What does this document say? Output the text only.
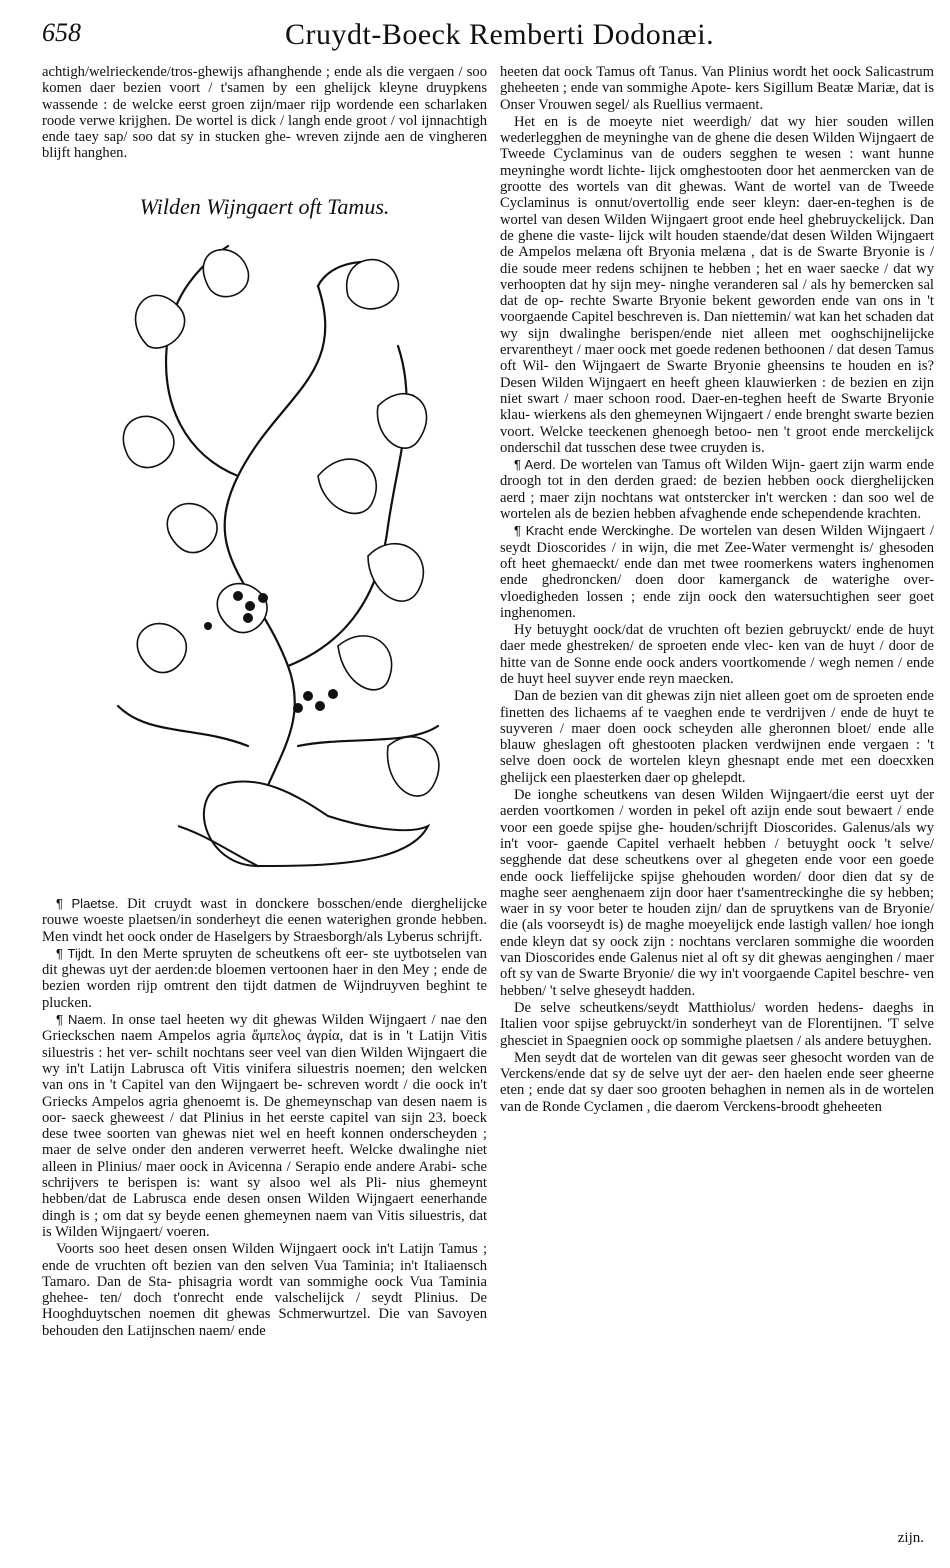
658	Cruydt-Boeck Remberti Dodonæi.

achtigh/welrieckende/tros-ghewijs afhanghende ; ende als die vergaen / soo komen daer bezien voort / t'samen by een ghelijck kleyne druypkens wassende : de welcke eerst groen zijn/maer rijp wordende een scharlaken roode verwe krijghen. De wortel is dick / langh ende groot / vol ijnnachtigh ende taey sap/ soo dat sy in stucken ghe- wreven zijnde aen de vingheren blijft hanghen.

Wilden Wijngaert oft Tamus.

¶ Plaetse. Dit cruydt wast in donckere bosschen/ende dierghelijcke rouwe woeste plaetsen/in sonderheyt die eenen waterighen gronde hebben. Men vindt het oock onder de Haselgers by Straesborgh/als Lyberus schrijft.

¶ Tijdt. In den Merte spruyten de scheutkens oft eer- ste uytbotselen van dit ghewas uyt der aerden:de bloemen vertoonen haer in den Mey ; ende de bezien worden rijp omtrent den tijdt datmen de Wijndruyven beghint te plucken.

¶ Naem. In onse tael heeten wy dit ghewas Wilden Wijngaert / nae den Grieckschen naem Ampelos agria ἄμπελος ἀγρία, dat is in 't Latijn Vitis siluestris : het ver- schilt nochtans seer veel van dien Wilden Wijngaert die wy in't Latijn Labrusca oft Vitis vinifera siluestris noemen; den welcken van ons in 't Capitel van den Wijngaert be- schreven wordt / die oock in't Griecks Ampelos agria ghenoemt is. De ghemeynschap van desen naem is oor- saeck gheweest / dat Plinius in het eerste capitel van sijn 23. boeck dese twee soorten van ghewas niet wel en heeft konnen onderscheyden ; maer de selve onder den anderen verwerret heeft. Welcke dwalinghe niet alleen in Plinius/ maer oock in Avicenna / Serapio ende andere Arabi- sche schrijvers te berispen is: want sy alsoo wel als Pli- nius ghemeynt hebben/dat de Labrusca ende desen onsen Wilden Wijngaert eenerhande dingh is ; om dat sy beyde eenen ghemeynen naem van Vitis siluestris, dat is Wilden Wijngaert/ voeren.

Voorts soo heet desen onsen Wilden Wijngaert oock in't Latijn Tamus ; ende de vruchten oft bezien van den selven Vua Taminia; in't Italiaensch Tamaro. Dan de Sta- phisagria wordt van sommighe oock Vua Taminia ghehee- ten/ doch t'onrecht ende valschelijck / seydt Plinius. De Hooghduytschen noemen dit ghewas Schmerwurtzel. Die van Savoyen behouden den Latijnschen naem/ ende

heeten dat oock Tamus oft Tanus. Van Plinius wordt het oock Salicastrum gheheeten ; ende van sommighe Apote- kers Sigillum Beatæ Mariæ, dat is Onser Vrouwen segel/ als Ruellius vermaent.

Het en is de moeyte niet weerdigh/ dat wy hier souden willen wederlegghen de meyninghe van de ghene die desen Wilden Wijngaert de Tweede Cyclaminus van de ouders segghen te wesen : want hunne meyninghe wordt lichte- lijck omghestooten door het aenmercken van de grootte des wortels van dit ghewas. Want de wortel van de Tweede Cyclaminus is onnut/overtollig ende seer kleyn: daer-en-teghen is de wortel van desen Wilden Wijngaert groot ende heel ghebruyckelijck. Dan de ghene die vaste- lijck wilt houden staende/dat desen Wilden Wijngaert de Ampelos melæna oft Bryonia melæna , dat is de Swarte Bryonie is / die soude meer redens schijnen te hebben ; het en waer saecke / dat wy verhoopten dat hy sijn mey- ninghe veranderen sal / als hy bemercken sal dat de op- rechte Swarte Bryonie bekent geworden ende van ons in 't voorgaende Capitel beschreven is. Dan niettemin/ wat kan het schaden dat wy sijn dwalinghe berispen/ende niet alleen met ooghschijnelijcke ervarentheyt / maer oock met goede redenen bethoonen / dat desen Tamus oft Wil- den Wijngaert de Swarte Bryonie gheensins te houden en is? Desen Wilden Wijngaert en heeft gheen klauwierken : de bezien en zijn niet swart / maer schoon rood. Daer-en-teghen heeft de Swarte Bryonie klau- wierkens als den ghemeynen Wijngaert / ende brenght swarte bezien voort. Welcke teeckenen ghenoegh betoo- nen 't groot ende merckelijck onderschil dat tusschen dese twee cruyden is.

¶ Aerd. De wortelen van Tamus oft Wilden Wijn- gaert zijn warm ende droogh tot in den derden graed: de bezien hebben oock dierghelijcken aerd ; maer zijn nochtans wat ontstercker in't wercken : dan soo wel de wortelen als de bezien hebben afvaghende ende schependende krachten.

¶ Kracht ende Werckinghe. De wortelen van desen Wilden Wijngaert / seydt Dioscorides / in wijn, die met Zee-Water vermenght is/ ghesoden oft heet ghemaeckt/ ende dan met twee roomerkens waters inghenomen ende ghedroncken/ doen door kamerganck de waterighe over- vloedigheden lossen ; ende zijn oock den watersuchtighen seer goet inghenomen.

Hy betuyght oock/dat de vruchten oft bezien gebruyckt/ ende de huyt daer mede ghestreken/ de sproeten ende vlec- ken van de huyt / door de hitte van de Sonne ende oock anders voortkomende / wegh nemen / ende de huyt heel suyver ende reyn maecken.

Dan de bezien van dit ghewas zijn niet alleen goet om de sproeten ende finetten des lichaems af te vaeghen ende te verdrijven / ende de huyt te suyveren / maer doen oock scheyden alle gheronnen bloet/ ende alle blauw gheslagen oft ghestooten placken verdwijnen ende vergaen : 't selve doen oock de wortelen kleyn ghesnapt ende met een doecxken ghelijck een plaesterken daer op ghelepdt.

De ionghe scheutkens van desen Wilden Wijngaert/die eerst uyt der aerden voortkomen / worden in pekel oft azijn ende sout bewaert / ende voor een goede spijse ghe- houden/schrijft Dioscorides. Galenus/als wy in't voor- gaende Capitel verhaelt hebben / betuyght oock 't selve/ segghende dat dese scheutkens over al ghegeten ende voor een goede ende oock lieffelijcke spijse ghehouden worden/ door dien dat sy de maghe seer aenghenaem zijn door haer t'samentreckinghe die sy hebben; waer in sy voor beter te houden zijn/ dan de spruytkens van de Bryonie/ die (als voorseydt is) de maghe moeyelijck ende lastigh vallen/ hoe iongh ende kleyn dat sy oock zijn : nochtans verclaren sommighe die woorden van Dioscorides ende Galenus niet al oft sy dit ghewas aenginghen / maer oft sy van de Swarte Bryonie/ die wy in't voorgaende Capitel beschre- ven hebben/ 't selve gheseydt hadden.

De selve scheutkens/seydt Matthiolus/ worden hedens- daeghs in Italien voor spijse gebruyckt/in sonderheyt van de Florentijnen. 'T selve ghesciet in Spaegnien oock op sommighe plaetsen / als andere betuyghen.

Men seydt dat de wortelen van dit gewas seer ghesocht worden van de Verckens/ende dat sy de selve uyt der aer- den haelen ende seer gheerne eten ; ende dat sy daer soo grooten behaghen in nemen als in de wortelen van de Ronde Cyclamen , die daerom Verckens-broodt gheheeten

zijn.
